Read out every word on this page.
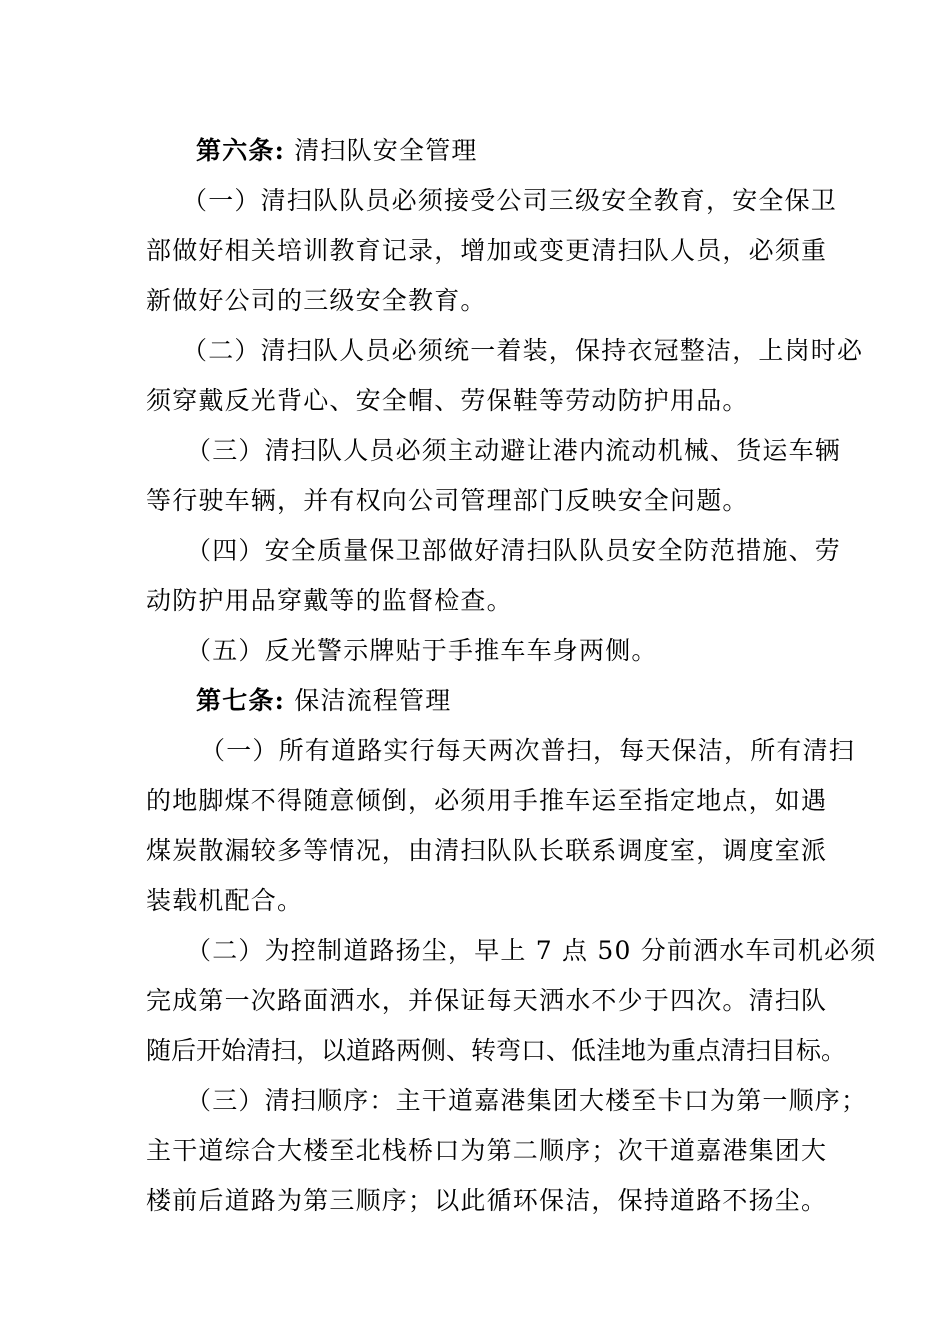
第六条: 清扫队安全管理
（一）清扫队队员必须接受公司三级安全教育，安全保卫
部做好相关培训教育记录，增加或变更清扫队人员，必须重
新做好公司的三级安全教育。
（二）清扫队人员必须统一着装，保持衣冠整洁，上岗时必
须穿戴反光背心、安全帽、劳保鞋等劳动防护用品。
（三）清扫队人员必须主动避让港内流动机械、货运车辆
等行驶车辆，并有权向公司管理部门反映安全问题。
（四）安全质量保卫部做好清扫队队员安全防范措施、劳
动防护用品穿戴等的监督检查。
（五）反光警示牌贴于手推车车身两侧。
第七条: 保洁流程管理
（一）所有道路实行每天两次普扫，每天保洁，所有清扫
的地脚煤不得随意倾倒，必须用手推车运至指定地点，如遇
煤炭散漏较多等情况，由清扫队队长联系调度室，调度室派
装载机配合。
（二）为控制道路扬尘，早上 7 点 50 分前洒水车司机必须
完成第一次路面洒水，并保证每天洒水不少于四次。清扫队
随后开始清扫，以道路两侧、转弯口、低洼地为重点清扫目标。
（三）清扫顺序：主干道嘉港集团大楼至卡口为第一顺序；
主干道综合大楼至北栈桥口为第二顺序；次干道嘉港集团大
楼前后道路为第三顺序；以此循环保洁，保持道路不扬尘。
